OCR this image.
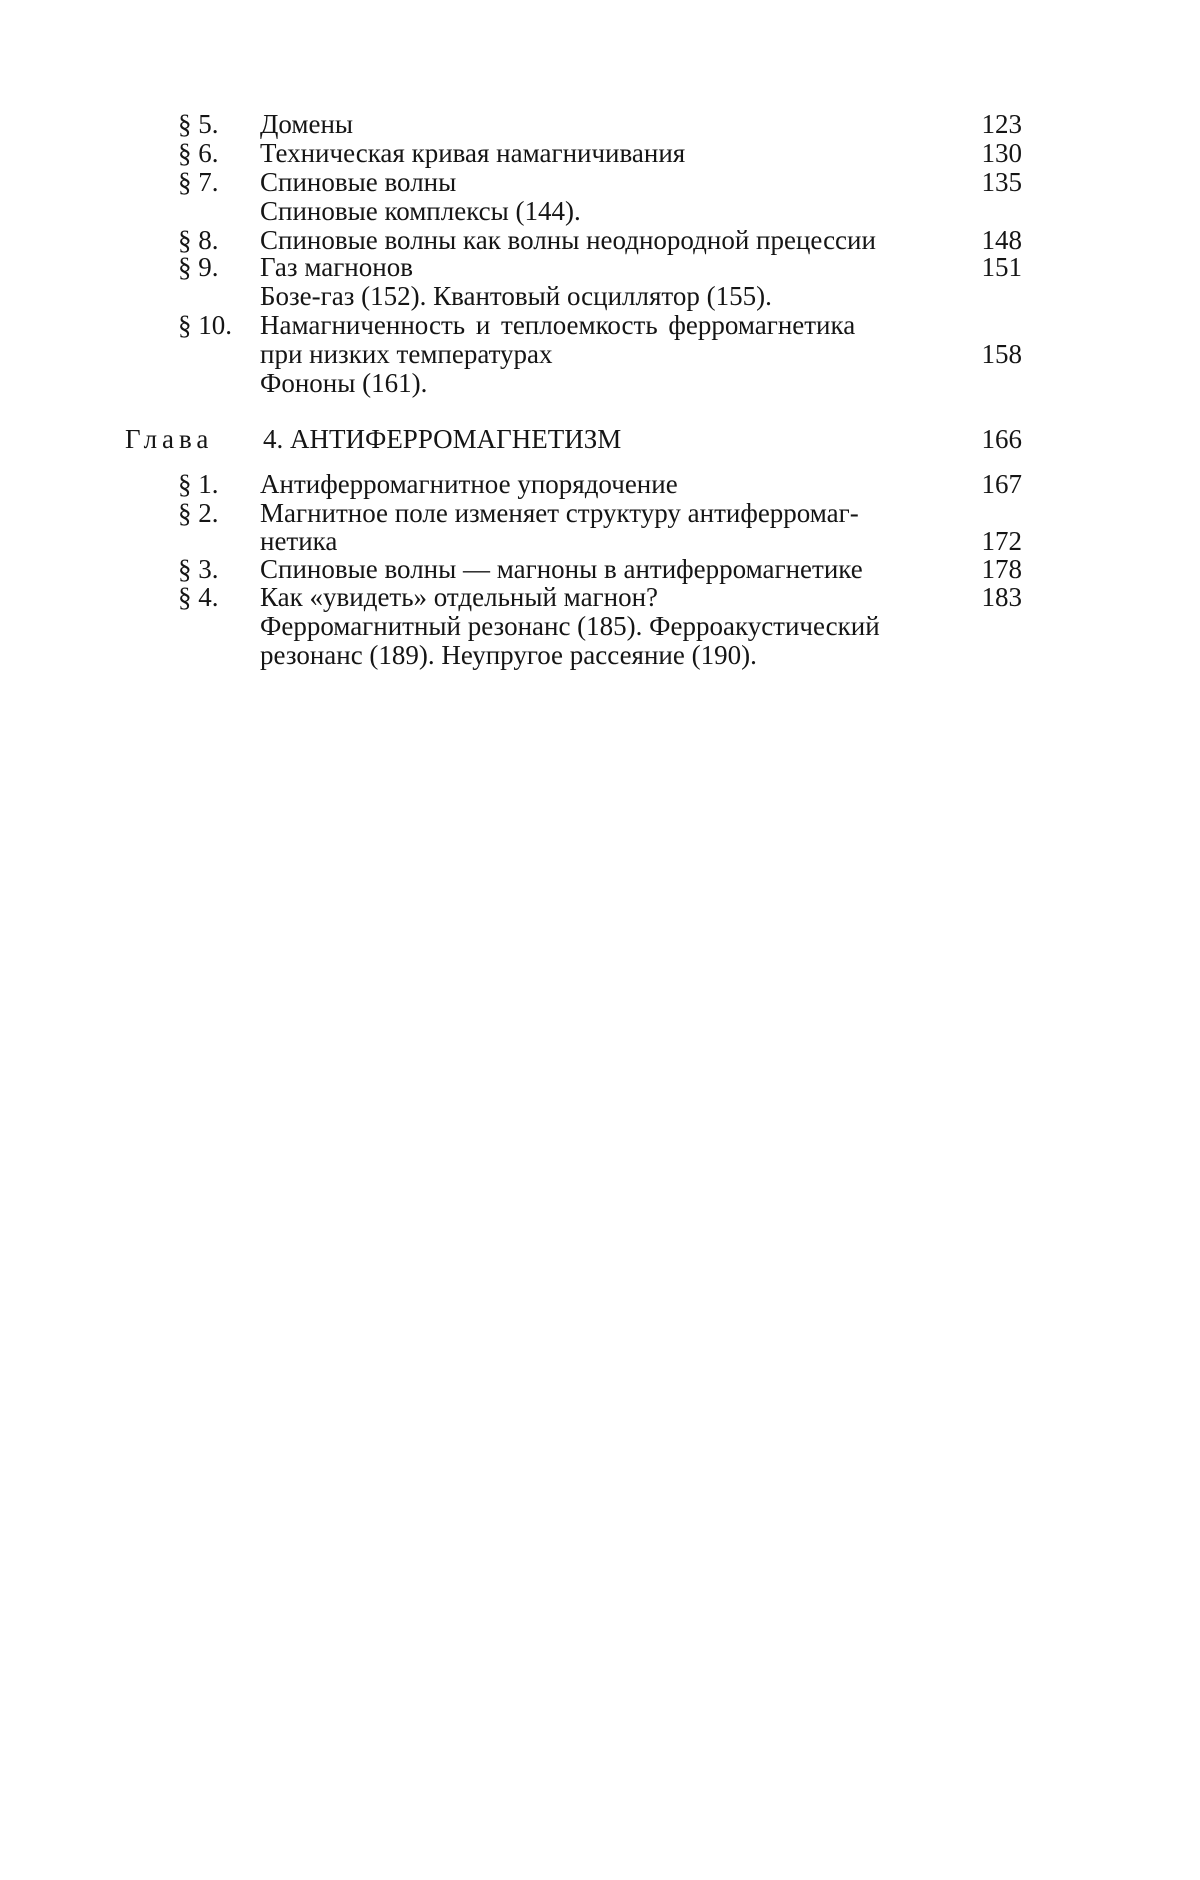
§ 5.	Домены	123
§ 6.	Техническая кривая намагничивания	130
§ 7.	Спиновые волны	135
Спиновые комплексы (144).
§ 8.	Спиновые волны как волны неоднородной прецессии	148
§ 9.	Газ магнонов	151
Бозе-газ (152). Квантовый осциллятор (155).
§ 10.	Намагниченность и теплоемкость ферромагнетика
при низких температурах	158
Фононы (161).
Глава 4. АНТИФЕРРОМАГНЕТИЗМ	166
§ 1.	Антиферромагнитное упорядочение	167
§ 2.	Магнитное поле изменяет структуру антиферромаг-
нетика	172
§ 3.	Спиновые волны — магноны в антиферромагнетике	178
§ 4.	Как «увидеть» отдельный магнон?	183
Ферромагнитный резонанс (185). Ферроакустический
резонанс (189). Неупругое рассеяние (190).
